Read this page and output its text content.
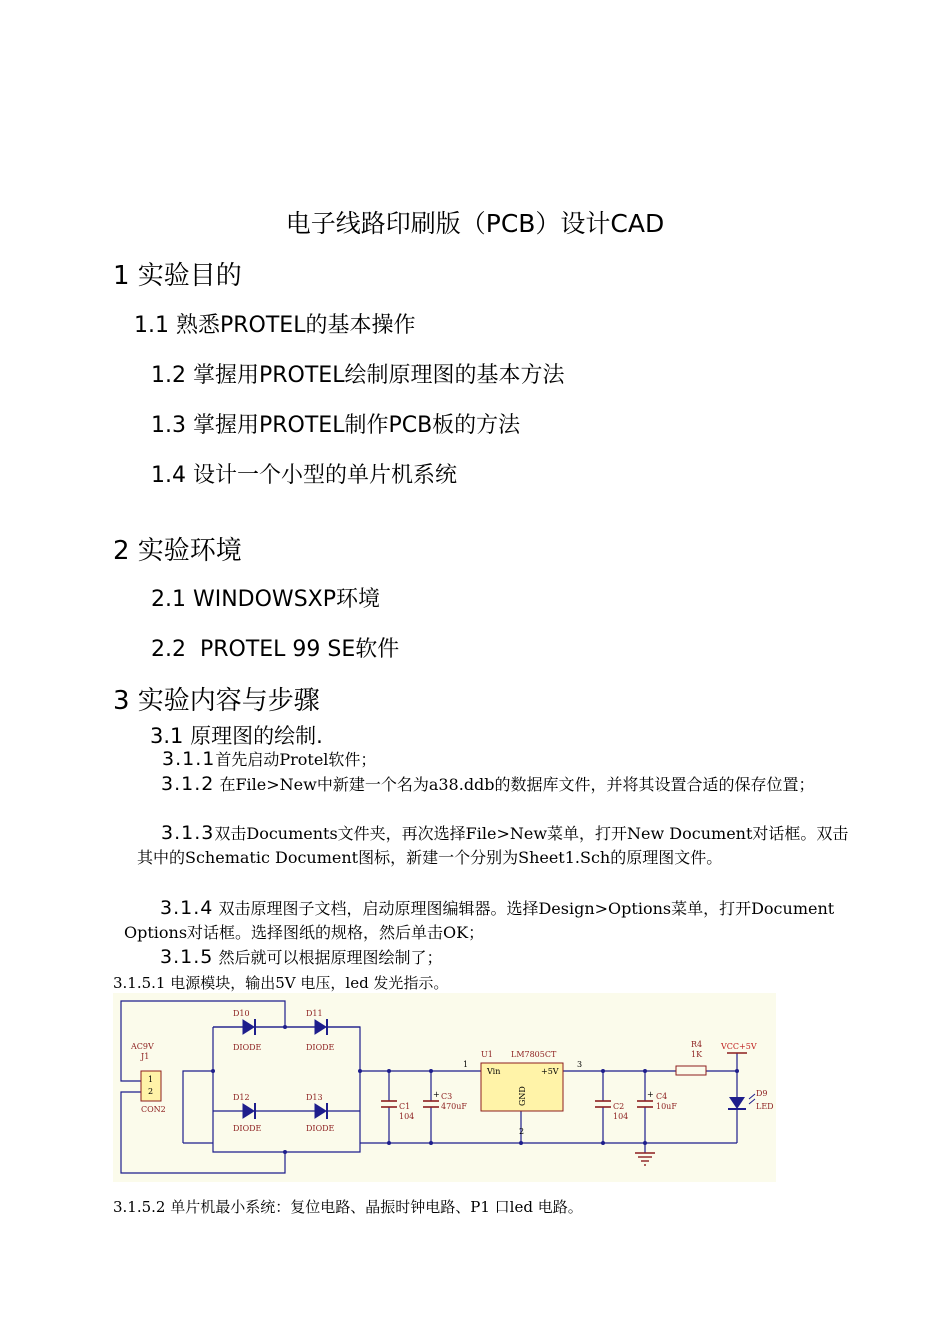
电子线路印刷版（PCB）设计CAD
1 实验目的
1.1 熟悉PROTEL的基本操作
1.2 掌握用PROTEL绘制原理图的基本方法
1.3 掌握用PROTEL制作PCB板的方法
1.4 设计一个小型的单片机系统
2 实验环境
2.1 WINDOWSXP环境
2.2  PROTEL 99 SE软件
3 实验内容与步骤
3.1 原理图的绘制.
3.1.1首先启动Protel软件；
3.1.2 在File>New中新建一个名为a38.ddb的数据库文件，并将其设置合适的保存位置；
3.1.3双击Documents文件夹，再次选择File>New菜单，打开New Document对话框。双击其中的Schematic Document图标，新建一个分别为Sheet1.Sch的原理图文件。
3.1.4 双击原理图子文档，启动原理图编辑器。选择Design>Options菜单，打开Document Options对话框。选择图纸的规格，然后单击OK；
3.1.5 然后就可以根据原理图绘制了；
3.1.5.1 电源模块，输出5V 电压，led 发光指示。
AC9V
J1
1
2
CON2
D10
DIODE
D11
DIODE
D12
DIODE
D13
DIODE
C1
104
+ C3
470uF
1
U1 LM7805CT
Vin	+5V
GND
3
2
C2
104
+ C4
10uF
R4
1K
VCC+5V
D9
LED
3.1.5.2 单片机最小系统：复位电路、晶振时钟电路、P1 口led 电路。
